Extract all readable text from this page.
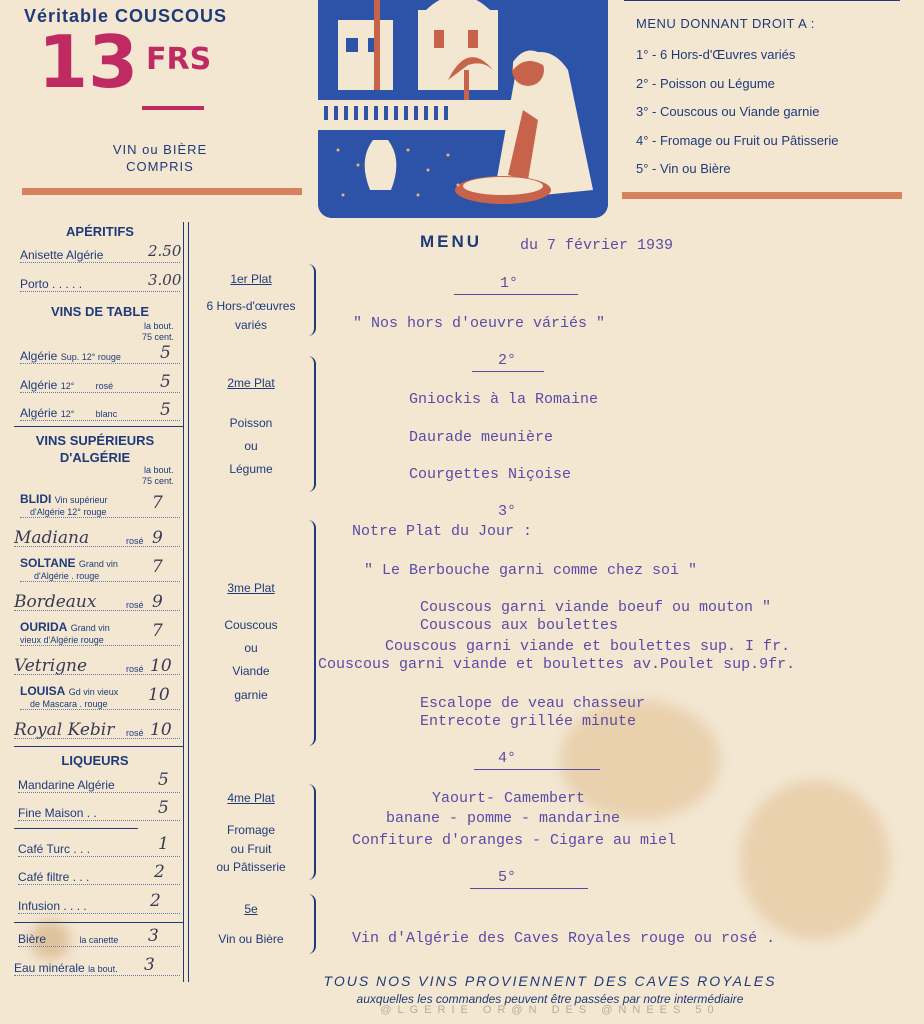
Véritable COUSCOUS
13 FRS
VIN ou BIÈRE
COMPRIS
MENU DONNANT DROIT A :
1° - 6 Hors-d'Œuvres variés
2° - Poisson ou Légume
3° - Couscous ou Viande garnie
4° - Fromage ou Fruit ou Pâtisserie
5° - Vin ou Bière
APÉRITIFS
Anisette Algérie	2.50
Porto . . . . .	3.00
VINS DE TABLE
la bout.
75 cent.
Algérie Sup. 12° rouge 5
Algérie 12° rosé	5
Algérie 12° blanc	5
VINS SUPÉRIEURS
D'ALGÉRIE
la bout.
75 cent.
BLIDI Vin supérieur
d'Algérie 12° rouge	7
Madiana	rosé 9
SOLTANE Grand vin
d'Algérie . rouge	7
Bordeaux	rosé 9
OURIDA Grand vin
vieux d'Algérie rouge	7
Vetrigne	rosé 10
LOUISA Gd vin vieux
de Mascara . rouge 10
Royal Kebir rosé 10
LIQUEURS
Mandarine Algérie	5
Fine Maison . .	5
Café Turc . . .	1
Café filtre . . .	2
Infusion . . . .	2
Bière	la canette 3
Eau minérale la bout. 3
1er Plat
6 Hors-d'œuvres
variés
2me Plat
Poisson
ou
Légume
3me Plat
Couscous
ou
Viande
garnie
4me Plat
Fromage
ou Fruit
ou Pâtisserie
5e
Vin ou Bière
MENU	du 7 février 1939
1°
" Nos hors d'oeuvre váriés "
2°
Gniockis à la Romaine
Daurade meunière
Courgettes Niçoise
3°
Notre Plat du Jour :
" Le Berbouche garni comme chez soi "
Couscous garni viande boeuf ou mouton "
Couscous aux boulettes
Couscous garni viande et boulettes sup. I fr.
Couscous garni viande et boulettes av.Poulet sup.9fr.
Escalope de veau chasseur
Entrecote grillée minute
4°
Yaourt- Camembert
banane - pomme - mandarine
Confiture d'oranges - Cigare au miel
5°
Vin d'Algérie des Caves Royales rouge ou rosé .
TOUS NOS VINS PROVIENNENT DES CAVES ROYALES
auxquelles les commandes peuvent être passées par notre intermédiaire
@LGERIE OR@N DES @NNEES 50
